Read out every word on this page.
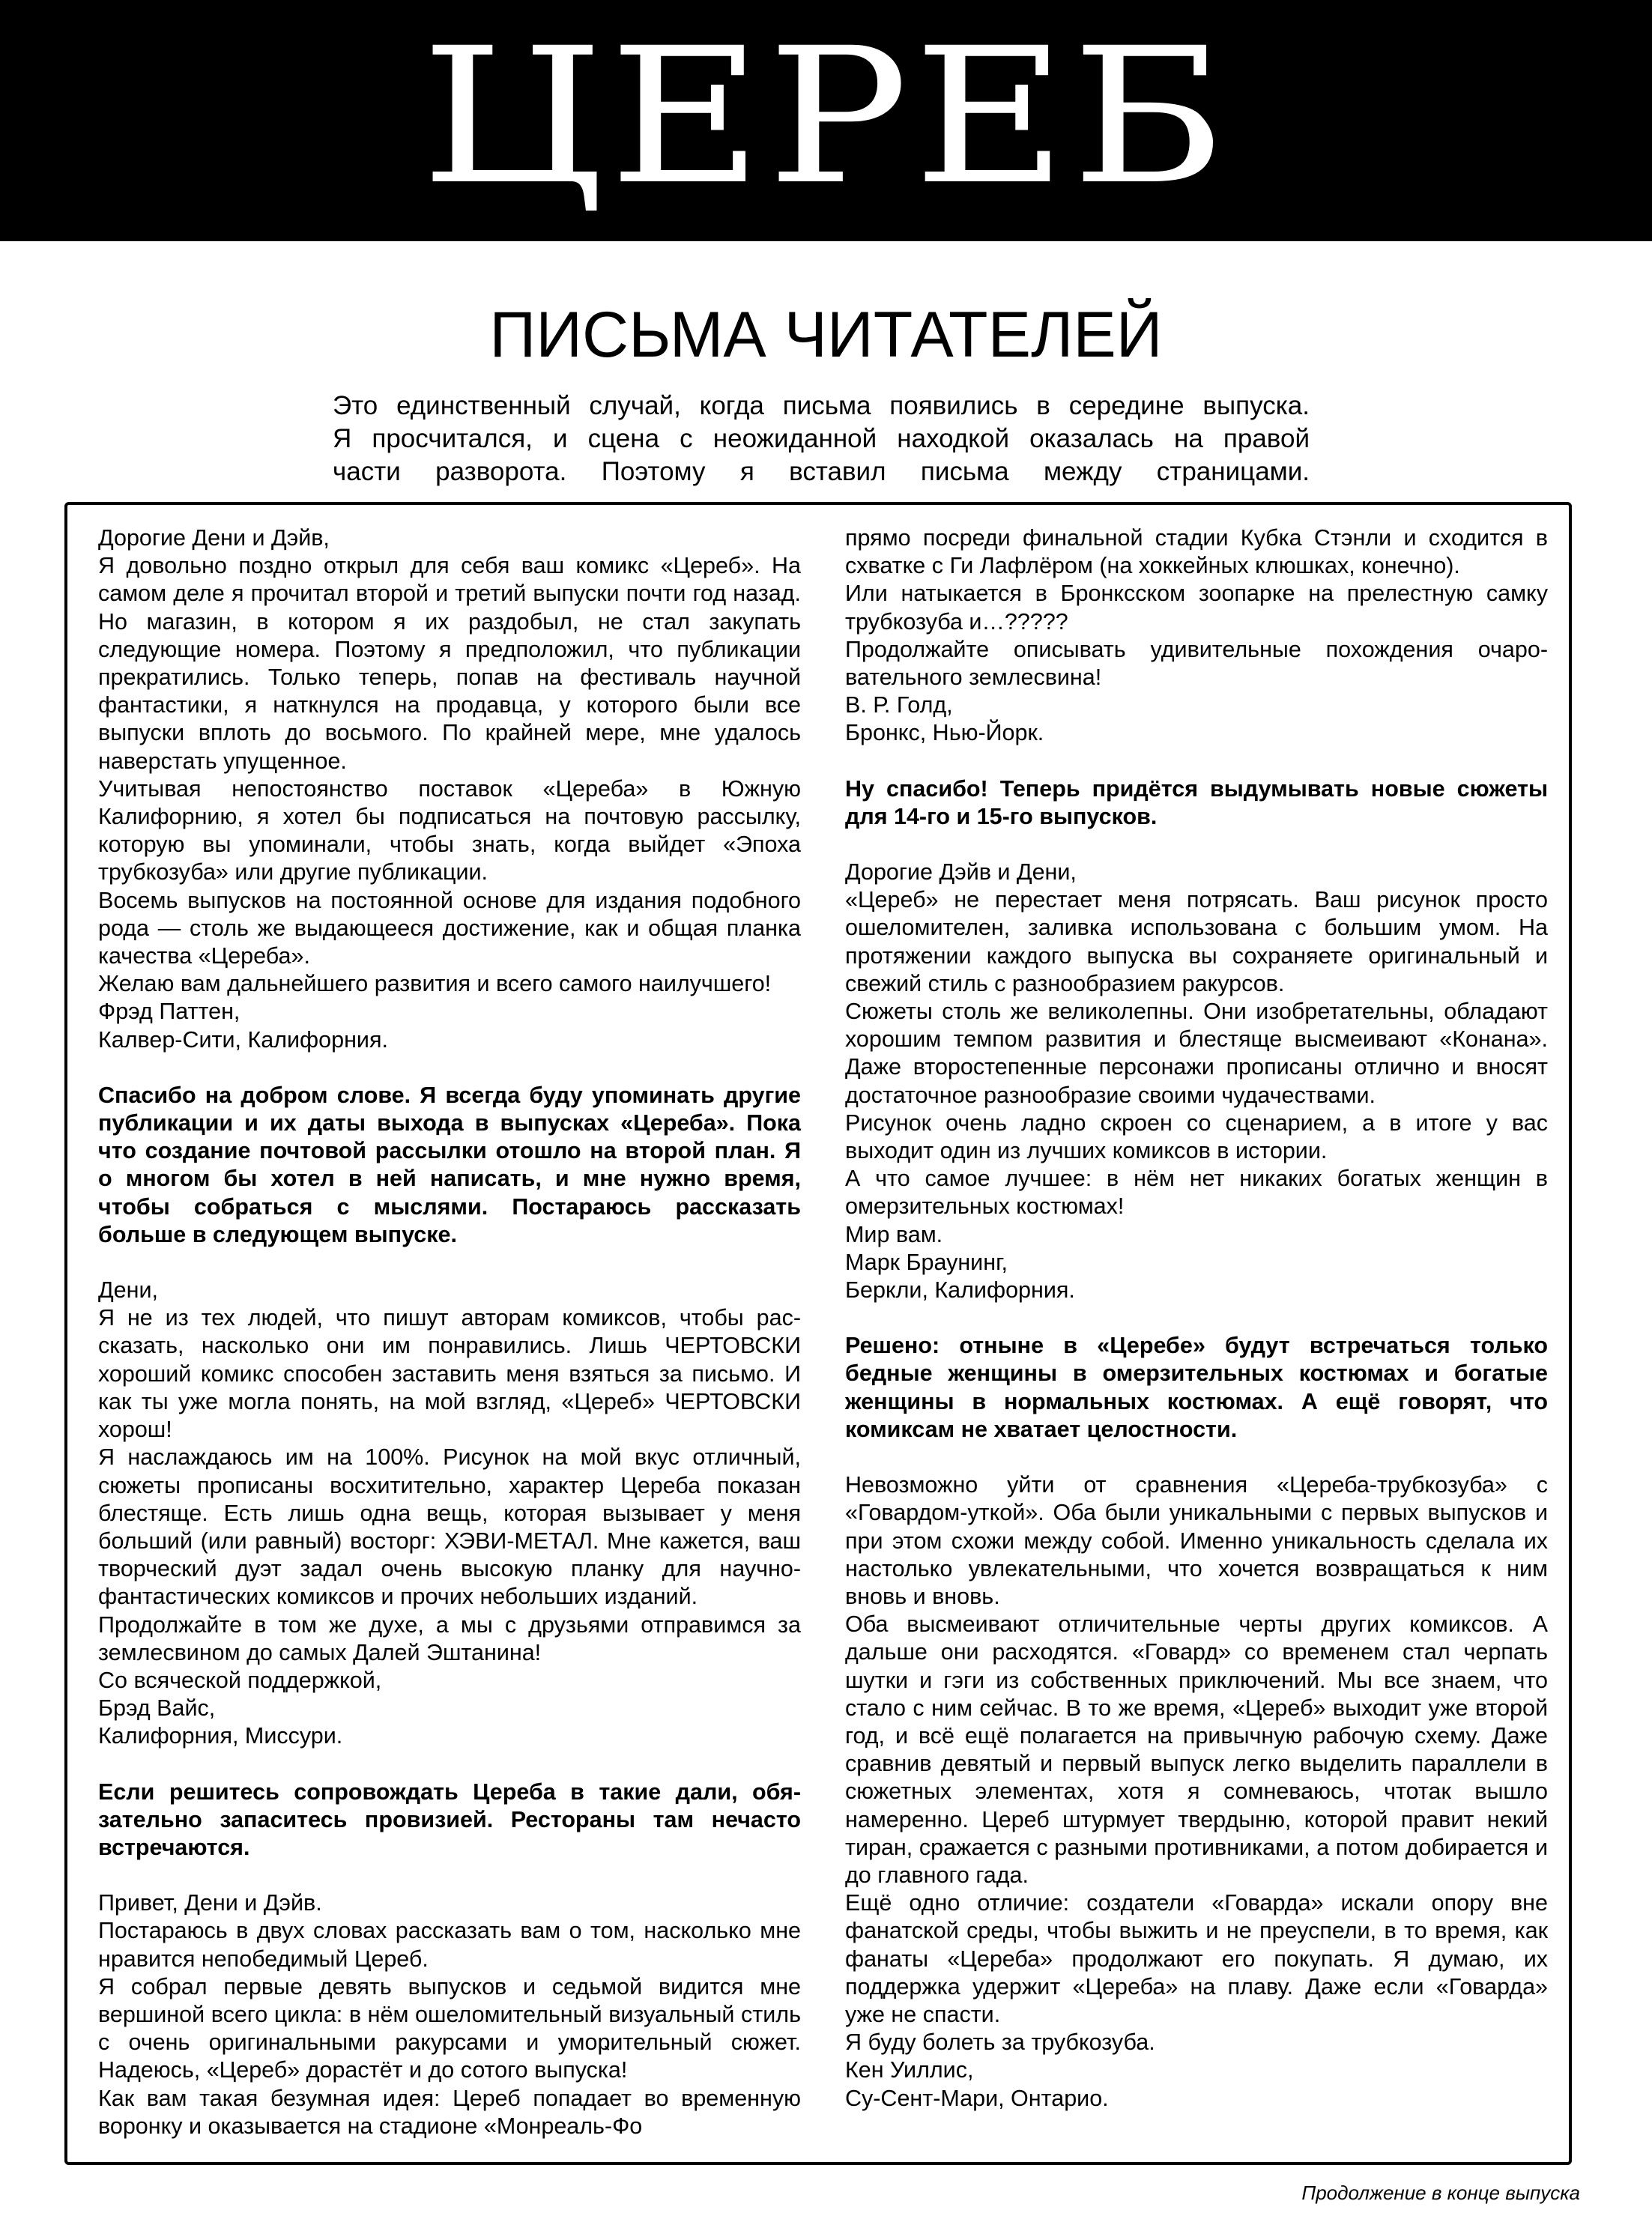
ЦЕРЕБ
ПИСЬМА ЧИТАТЕЛЕЙ

Это единственный случай, когда письма появились в середине выпуска.

Я просчитался, и сцена с неожиданной находкой оказалась на правой

части разворота. Поэтому я вставил письма между страницами.

Дорогие Дени и Дэйв,

Я довольно поздно открыл для себя ваш комикс «Цереб». На самом деле я прочитал второй и третий выпуски почти год назад. Но магазин, в котором я их раздобыл, не стал закупать следующие номера. Поэтому я предположил, что публикации прекратились. Только теперь, попав на фестиваль научной фантастики, я наткнулся на продавца, у которого были все выпуски вплоть до восьмого. По крайней мере, мне удалось наверстать упущенное.

Учитывая непостоянство поставок «Цереба» в Южную Калифорнию, я хотел бы подписаться на почтовую рассылку, которую вы упоминали, чтобы знать, когда выйдет «Эпоха трубкозуба» или другие публикации.

Восемь выпусков на постоянной основе для издания подобного рода — столь же выдающееся достижение, как и общая планка качества «Цереба».

Желаю вам дальнейшего развития и всего самого наилучшего!

Фрэд Паттен,

Калвер-Сити, Калифорния.

Спасибо на добром слове. Я всегда буду упоминать другие публикации и их даты выхода в выпусках «Цереба». Пока что создание почтовой рассылки отошло на второй план. Я о многом бы хотел в ней написать, и мне нужно время, чтобы собраться с мыслями. Постараюсь рассказать больше в следующем выпуске.

Дени,

Я не из тех людей, что пишут авторам комиксов, чтобы рассказать, насколько они им понравились. Лишь ЧЕРТОВСКИ хороший комикс способен заставить меня взяться за письмо. И как ты уже могла понять, на мой взгляд, «Цереб» ЧЕРТОВСКИ хорош!

Я наслаждаюсь им на 100%. Рисунок на мой вкус отличный, сюжеты прописаны восхитительно, характер Цереба показан блестяще. Есть лишь одна вещь, которая вызывает у меня больший (или равный) восторг: ХЭВИ-МЕТАЛ. Мне кажется, ваш творческий дуэт задал очень высокую планку для научно-фантастических комиксов и прочих небольших изданий.

Продолжайте в том же духе, а мы с друзьями отправимся за землесвином до самых Далей Эштанина!

Со всяческой поддержкой,

Брэд Вайс,

Калифорния, Миссури.

Если решитесь сопровождать Цереба в такие дали, обязательно запаситесь провизией. Рестораны там нечасто встречаются.

Привет, Дени и Дэйв.

Постараюсь в двух словах рассказать вам о том, насколько мне нравится непобедимый Цереб.

Я собрал первые девять выпусков и седьмой видится мне вершиной всего цикла: в нём ошеломительный визуальный стиль с очень оригинальными ракурсами и умоҏительный сюжет. Надеюсь, «Цереб» дорастёт и до сотого выпуска!

Как вам такая безумная идея: Цереб попадает во временную воронку и оказывается на стадионе «Монреаль-Фо

прямо посреди финальной стадии Кубка Стэнли и сходится в схватке с Ги Лафлёром (на хоккейных клюшках, конечно).

Или натыкается в Бронксском зоопарке на прелестную самку трубкозуба и…?????

Продолжайте описывать удивительные похождения очаровательного землесвина!

В. Р. Голд,

Бронкс, Нью-Йорк.

Ну спасибо! Теперь придётся выдумывать новые сюжеты для 14-го и 15-го выпусков.

Дорогие Дэйв и Дени,

«Цереб» не перестает меня потрясать. Ваш рисунок просто ошеломителен, заливка использована с большим умом. На протяжении каждого выпуска вы сохраняете оригинальный и свежий стиль с разнообразием ракурсов.

Сюжеты столь же великолепны. Они изобретательны, обладают хорошим темпом развития и блестяще высмеивают «Конана». Даже второстепенные персонажи прописаны отлично и вносят достаточное разнообразие своими чудачествами.

Рисунок очень ладно скроен со сценарием, а в итоге у вас выходит один из лучших комиксов в истории.

А что самое лучшее: в нём нет никаких богатых женщин в омерзительных костюмах!

Мир вам.

Марк Браунинг,

Беркли, Калифорния.

Решено: отныне в «Церебе» будут встречаться только бедные женщины в омерзительных костюмах и богатые женщины в нормальных костюмах. А ещё говорят, что комиксам не хватает целостности.

Невозможно уйти от сравнения «Цереба-трубкозуба» с «Говардом-уткой». Оба были уникальными с первых выпусков и при этом схожи между собой. Именно уникальность сделала их настолько увлекательными, что хочется возвращаться к ним вновь и вновь.

Оба высмеивают отличительные черты других комиксов. А дальше они расходятся. «Говард» со временем стал черпать шутки и гэги из собственных приключений. Мы все знаем, что стало с ним сейчас. В то же время, «Цереб» выходит уже второй год, и всё ещё полагается на привычную рабочую схему. Даже сравнив девятый и первый выпуск легко выделить параллели в сюжетных элементах, хотя я сомневаюсь, чтотак вышло намеренно. Цереб штурмует твердыню, которой правит некий тиран, сражается с разными противниками, а потом добирается и до главного гада.

Ещё одно отличие: создатели «Говарда» искали опору вне фанатской среды, чтобы выжить и не преуспели, в то время, как фанаты «Цереба» продолжают его покупать. Я думаю, их поддержка удержит «Цереба» на плаву. Даже если «Говарда» уже не спасти.

Я буду болеть за трубкозуба.

Кен Уиллис,

Су-Сент-Мари, Онтарио.

Продолжение в конце выпуска
